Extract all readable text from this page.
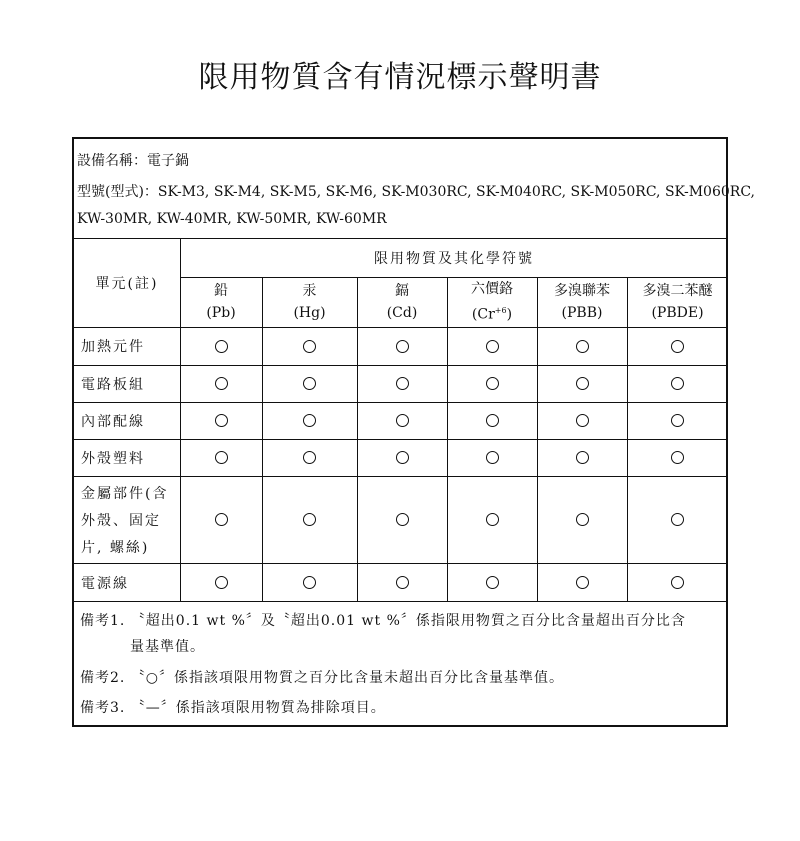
限用物質含有情況標示聲明書
設備名稱：電子鍋
型號(型式)：SK-M3, SK-M4, SK-M5, SK-M6, SK-M030RC, SK-M040RC, SK-M050RC, SK-M060RC,
KW-30MR, KW-40MR, KW-50MR, KW-60MR
單元(註)
限用物質及其化學符號
鉛
(Pb)
汞
(Hg)
鎘
(Cd)
六價鉻
$(Cr^{+6})$
多溴聯苯
(PBB)
多溴二苯醚
(PBDE)
加熱元件
電路板組
內部配線
外殼塑料
金屬部件(含
外殼、固定
片, 螺絲)
電源線
備考1. 〝超出0.1 wt %〞及〝超出0.01 wt %〞係指限用物質之百分比含量超出百分比含
量基準值。
備考2. 〝○〞係指該項限用物質之百分比含量未超出百分比含量基準值。
備考3. 〝—〞係指該項限用物質為排除項目。
